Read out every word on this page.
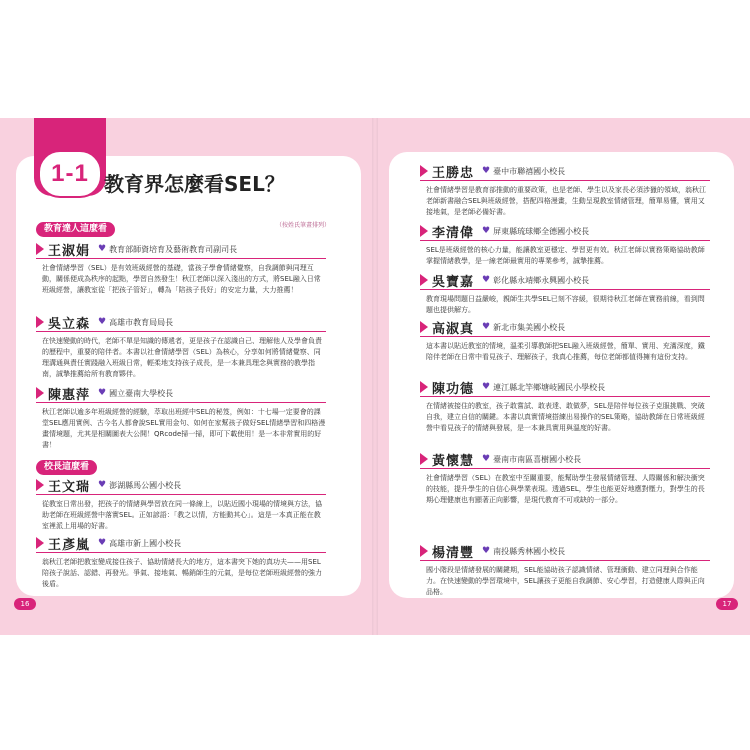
1-1 教育界怎麼看SEL？
（按姓氏筆畫排列）
教育達人這麼看
校長這麼看
王淑娟 ♥ 教育部師資培育及藝術教育司副司長
社會情緒學習（SEL）是有效班級經營的基礎，當孩子學會情緒覺察，自我調節與同理互動，關係便成為秩序的起點，學習自然發生！秋江老師以深入淺出的方式，將SEL融入日常班級經營，讓教室從「把孩子管好」，轉為「陪孩子長好」的安定力量，大力推薦！
吳立森 ♥ 高雄市教育局局長
在快速變動的時代，老師不單是知識的傳遞者，更是孩子在認識自己、理解他人及學會負責的歷程中，重要的陪伴者。本書以社會情緒學習（SEL）為核心，分享如何將情緒覺察、同理溝通與責任實踐融入班級日常，輕柔地支持孩子成長，是一本兼具理念與實務的教學指南，誠摯推薦給所有教育夥伴。
陳惠萍 ♥ 國立臺南大學校長
秋江老師以逾多年班級經營的經驗，萃取出班經中SEL的秘笈，例如：十七場一定要會的課堂SEL應用實例、古今名人都會說SEL實用金句、如何在家幫孩子做好SEL情緒學習和四格漫畫情境題，尤其是相關圖表大公開！QRcode掃一掃，即可下載使用！是一本非常實用的好書！
王文瑞 ♥ 澎湖縣馬公國小校長
從教室日常出發，把孩子的情緒與學習放在同一條線上，以貼近國小現場的情境與方法，協助老師在班級經營中落實SEL。正如諺語：「教之以情，方能動其心」。這是一本真正能在教室裡派上用場的好書。
王彥嵐 ♥ 高雄市新上國小校長
翁秋江老師把教室變成接住孩子、協助情緒長大的地方，這本書突下她的真功夫——用SEL陪孩子說話、認錯、再發光。爭氣、接地氣、暢銷師生的元氣，是每位老師班級經營的強力後盾。
王勝忠 ♥ 臺中市聯禧國小校長
社會情緒學習是教育部推動的重要政策，也是老師、學生以及家長必須涉獵的領域，翁秋江老師新書融合SEL與班級經營，搭配四格漫畫，生動呈現教室情緒管理，簡單易懂，實用又接地氣，是老師必備好書。
李清偉 ♥ 屏東縣琉球鄉全德國小校長
SEL是班級經營的核心力量，能讓教室更穩定、學習更有效。秋江老師以實務策略協助教師掌握情緒教學，是一線老師最實用的專業參考，誠摯推薦。
吳寶嘉 ♥ 彰化縣永靖鄉永興國小校長
教育現場問題日益嚴峻，親師生共學SEL已刻不容緩，很期待秋江老師在實務前線，看到問題也提供解方。
高淑真 ♥ 新北市集美國小校長
這本書以貼近教室的情境，溫柔引導教師把SEL融入班級經營，簡單、實用、充滿深度，鐵陪伴老師在日常中看見孩子、理解孩子，我真心推薦，每位老師都值得擁有這份支持。
陳功德 ♥ 連江縣北竿鄉塘岐國民小學校長
在情緒被接住的教室，孩子敢嘗試、敢表達、敢做夢，SEL是陪伴每位孩子克服挑戰、突破自我，建立自信的關鍵。本書以真實情境搭練出易操作的SEL策略，協助教師在日常班級經營中看見孩子的情緒與發展，是一本兼具實用與溫度的好書。
黃懷慧 ♥ 臺南市南區喜樹國小校長
社會情緒學習（SEL）在教室中至關重要，能幫助學生發展情緒管理、人際關係和解決衝突的技能，提升學生的自信心與學業表現。透過SEL，學生也能更好地應對壓力，對學生的長期心理健康也有顯著正向影響，是現代教育不可或缺的一部分。
楊清豐 ♥ 南投縣秀林國小校長
國小階段是情緒發展的關鍵期，SEL能協助孩子認識情緒、管理衝動、建立同理與合作能力。在快速變動的學習環境中，SEL讓孩子更能自我調節、安心學習，打造健康人際與正向品格。
16	17
